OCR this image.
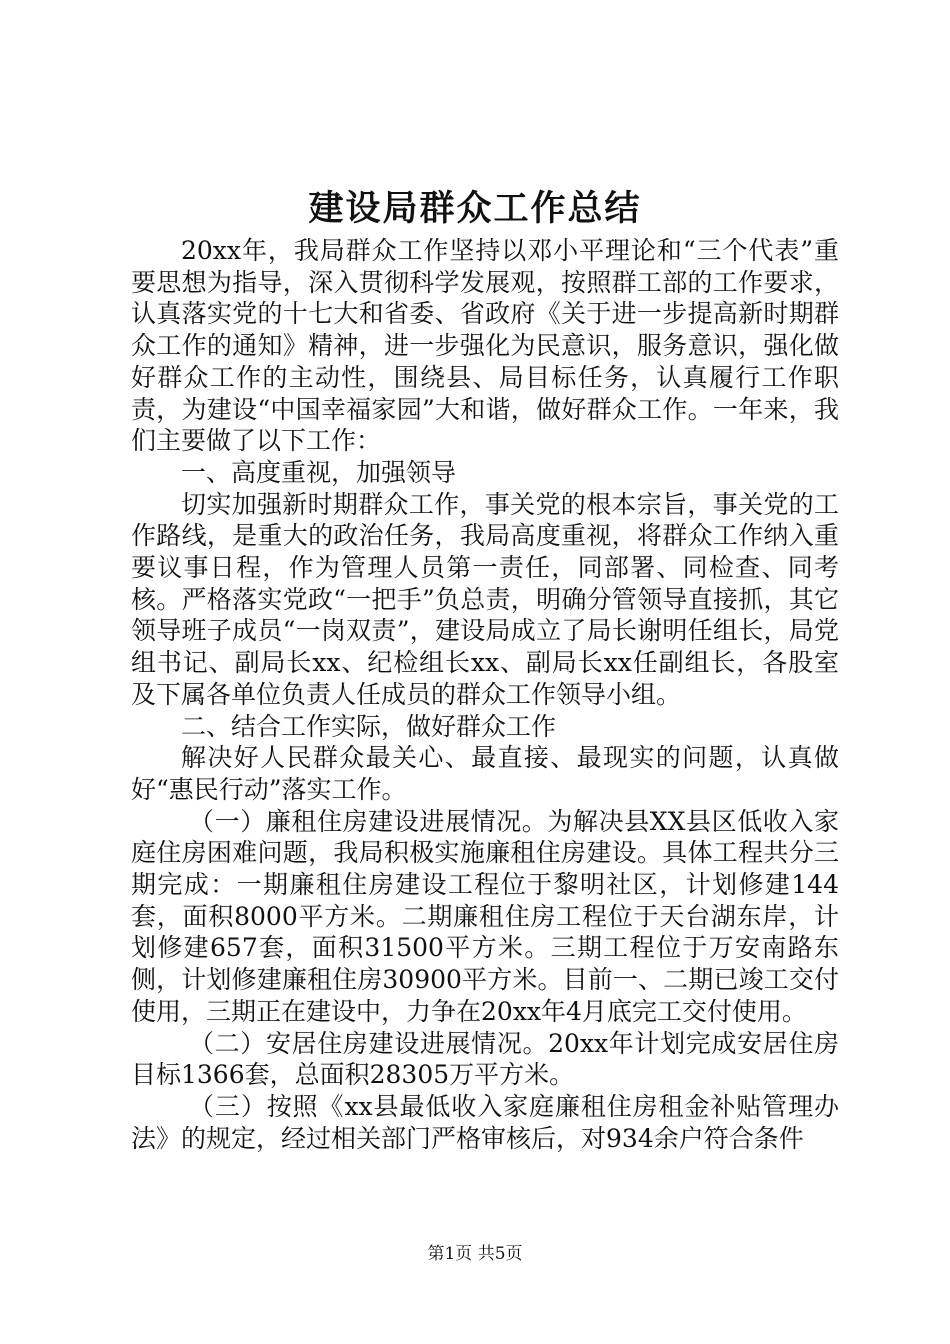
建设局群众工作总结

20xx年，我局群众工作坚持以邓小平理论和“三个代表”重要思想为指导，深入贯彻科学发展观，按照群工部的工作要求，认真落实党的十七大和省委、省政府《关于进一步提高新时期群众工作的通知》精神，进一步强化为民意识，服务意识，强化做好群众工作的主动性，围绕县、局目标任务，认真履行工作职责，为建设“中国幸福家园”大和谐，做好群众工作。一年来，我们主要做了以下工作：

一、高度重视，加强领导

切实加强新时期群众工作，事关党的根本宗旨，事关党的工作路线，是重大的政治任务，我局高度重视，将群众工作纳入重要议事日程，作为管理人员第一责任，同部署、同检查、同考核。严格落实党政“一把手”负总责，明确分管领导直接抓，其它领导班子成员“一岗双责”，建设局成立了局长谢明任组长，局党组书记、副局长xx、纪检组长xx、副局长xx任副组长，各股室及下属各单位负责人任成员的群众工作领导小组。

二、结合工作实际，做好群众工作

解决好人民群众最关心、最直接、最现实的问题，认真做好“惠民行动”落实工作。

（一）廉租住房建设进展情况。为解决县XX县区低收入家庭住房困难问题，我局积极实施廉租住房建设。具体工程共分三期完成：一期廉租住房建设工程位于黎明社区，计划修建144套，面积8000平方米。二期廉租住房工程位于天台湖东岸，计划修建657套，面积31500平方米。三期工程位于万安南路东侧，计划修建廉租住房30900平方米。目前一、二期已竣工交付使用，三期正在建设中，力争在20xx年4月底完工交付使用。

（二）安居住房建设进展情况。20xx年计划完成安居住房目标1366套，总面积28305万平方米。

（三）按照《xx县最低收入家庭廉租住房租金补贴管理办法》的规定，经过相关部门严格审核后，对934余户符合条件

第1页 共5页
